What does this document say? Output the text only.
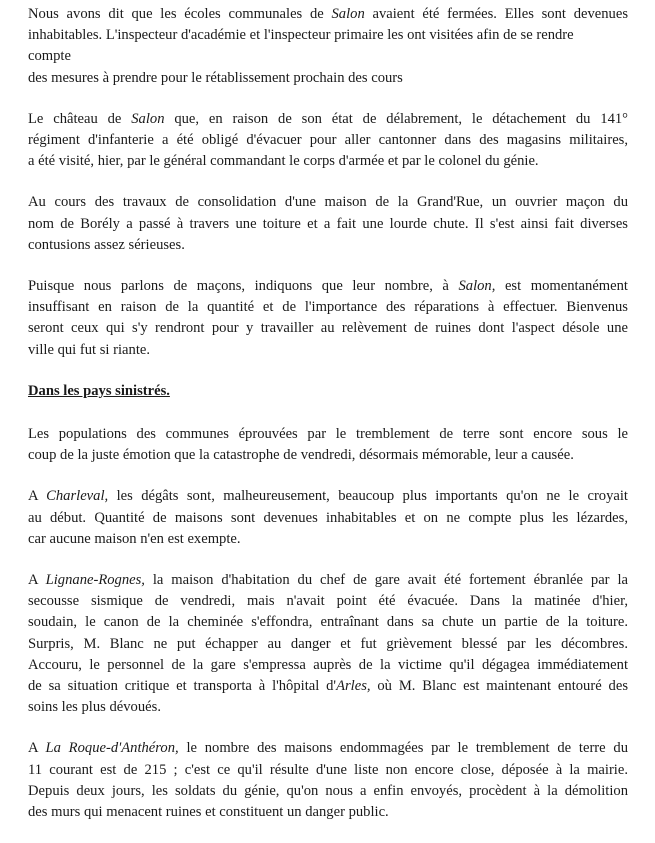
Nous avons dit que les écoles communales de Salon avaient été fermées. Elles sont devenues
inhabitables. L'inspecteur d'académie et l'inspecteur primaire les ont visitées afin de se rendre
compte
des mesures à prendre pour le rétablissement prochain des cours
Le château de Salon que, en raison de son état de délabrement, le détachement du 141°
régiment d'infanterie a été obligé d'évacuer pour aller cantonner dans des magasins militaires,
a été visité, hier, par le général commandant le corps d'armée et par le colonel du génie.
Au cours des travaux de consolidation d'une maison de la Grand'Rue, un ouvrier maçon du
nom de Borély a passé à travers une toiture et a fait une lourde chute. Il s'est ainsi fait diverses
contusions assez sérieuses.
Puisque nous parlons de maçons, indiquons que leur nombre, à Salon, est momentanément
insuffisant en raison de la quantité et de l'importance des réparations à effectuer. Bienvenus
seront ceux qui s'y rendront pour y travailler au relèvement de ruines dont l'aspect désole une
ville qui fut si riante.
Dans les pays sinistrés.
Les populations des communes éprouvées par le tremblement de terre sont encore sous le
coup de la juste émotion que la catastrophe de vendredi, désormais mémorable, leur a causée.
A Charleval, les dégâts sont, malheureusement, beaucoup plus importants qu'on ne le croyait
au début. Quantité de maisons sont devenues inhabitables et on ne compte plus les lézardes,
car aucune maison n'en est exempte.
A Lignane-Rognes, la maison d'habitation du chef de gare avait été fortement ébranlée par la
secousse sismique de vendredi, mais n'avait point été évacuée. Dans la matinée d'hier,
soudain, le canon de la cheminée s'effondra, entraînant dans sa chute un partie de la toiture.
Surpris, M. Blanc ne put échapper au danger et fut grièvement blessé par les décombres.
Accouru, le personnel de la gare s'empressa auprès de la victime qu'il dégagea immédiatement
de sa situation critique et transporta à l'hôpital d'Arles, où M. Blanc est maintenant entouré des
soins les plus dévoués.
A La Roque-d'Anthéron, le nombre des maisons endommagées par le tremblement de terre du
11 courant est de 215 ; c'est ce qu'il résulte d'une liste non encore close, déposée à la mairie.
Depuis deux jours, les soldats du génie, qu'on nous a enfin envoyés, procèdent à la démolition
des murs qui menacent ruines et constituent un danger public.
